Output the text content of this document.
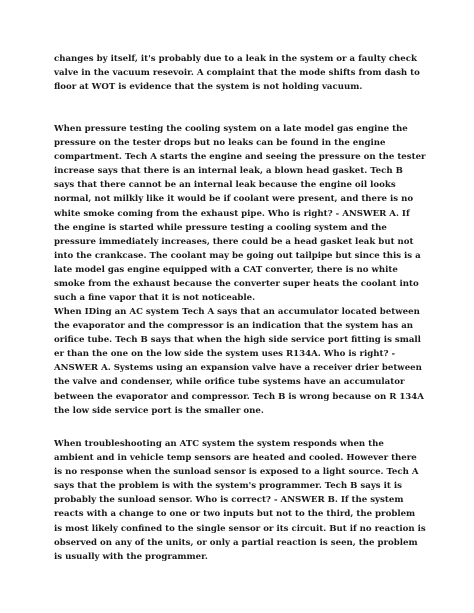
changes by itself, it's probably due to a leak in the system or a faulty check valve in the vacuum resevoir. A complaint that the mode shifts from dash to floor at WOT is evidence that the system is not holding vacuum.

When pressure testing the cooling system on a late model gas engine the pressure on the tester drops but no leaks can be found in the engine compartment. Tech A starts the engine and seeing the pressure on the tester increase says that there is an internal leak, a blown head gasket. Tech B says that there cannot be an internal leak because the engine oil looks normal, not milkly like it would be if coolant were present, and there is no white smoke coming from the exhaust pipe. Who is right? - ANSWER A. If the engine is started while pressure testing a cooling system and the pressure immediately increases, there could be a head gasket leak but not into the crankcase. The coolant may be going out tailpipe but since this is a late model gas engine equipped with a CAT converter, there is no white smoke from the exhaust because the converter super heats the coolant into such a fine vapor that it is not noticeable.

When IDing an AC system Tech A says that an accumulator located between the evaporator and the compressor is an indication that the system has an orifice tube. Tech B says that when the high side service port fitting is small er than the one on the low side the system uses R134A. Who is right? - ANSWER A. Systems using an expansion valve have a receiver drier between the valve and condenser, while orifice tube systems have an accumulator between the evaporator and compressor. Tech B is wrong because on R 134A the low side service port is the smaller one.

When troubleshooting an ATC system the system responds when the ambient and in vehicle temp sensors are heated and cooled. However there is no response when the sunload sensor is exposed to a light source. Tech A says that the problem is with the system's programmer. Tech B says it is probably the sunload sensor. Who is correct? - ANSWER B. If the system reacts with a change to one or two inputs but not to the third, the problem is most likely confined to the single sensor or its circuit. But if no reaction is observed on any of the units, or only a partial reaction is seen, the problem is usually with the programmer.
